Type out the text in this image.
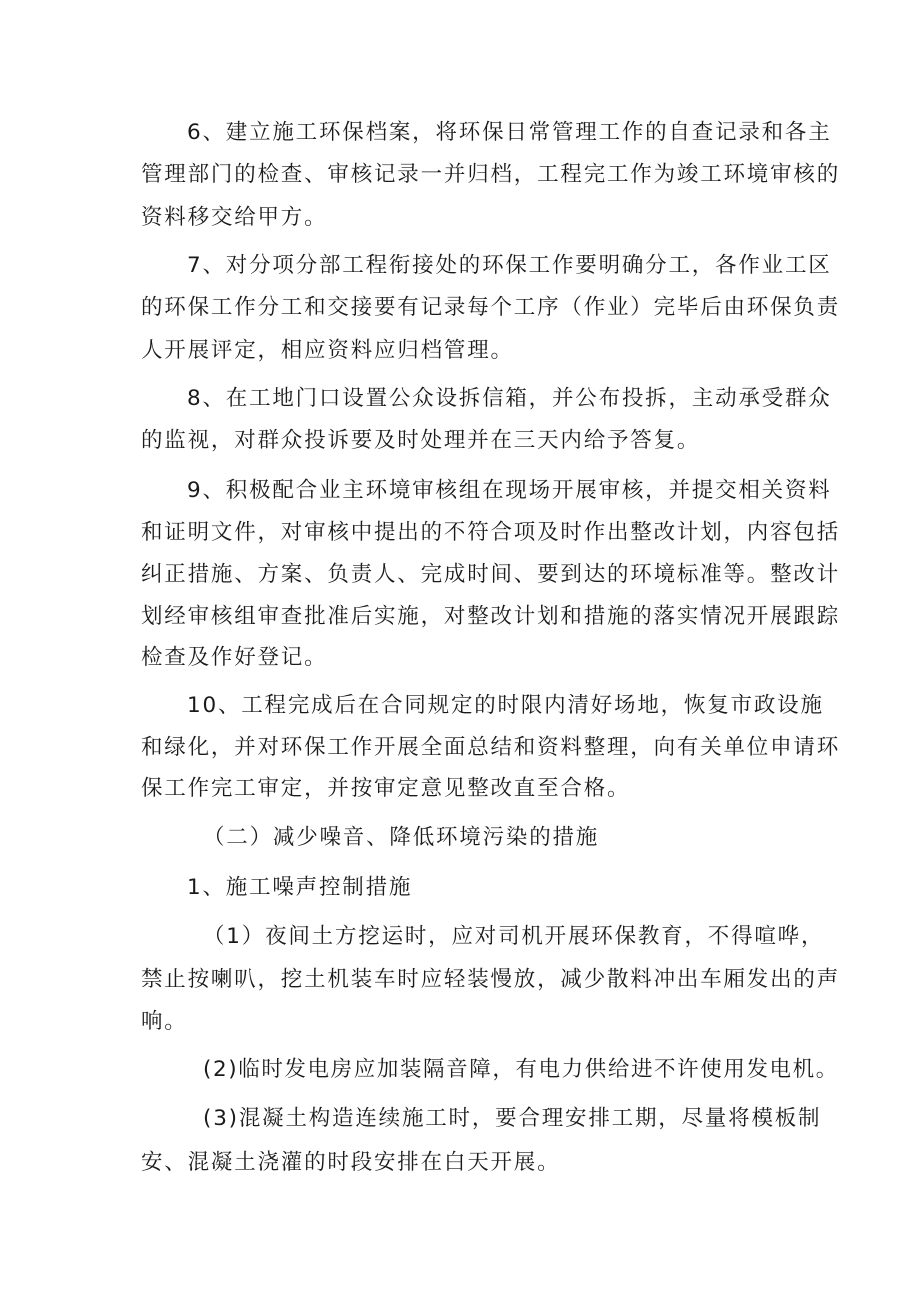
6、建立施工环保档案，将环保日常管理工作的自查记录和各主
管理部门的检查、审核记录一并归档，工程完工作为竣工环境审核的
资料移交给甲方。
7、对分项分部工程衔接处的环保工作要明确分工，各作业工区
的环保工作分工和交接要有记录每个工序（作业）完毕后由环保负责
人开展评定，相应资料应归档管理。
8、在工地门口设置公众设拆信箱，并公布投拆，主动承受群众
的监视，对群众投诉要及时处理并在三天内给予答复。
9、积极配合业主环境审核组在现场开展审核，并提交相关资料
和证明文件，对审核中提出的不符合项及时作出整改计划，内容包括
纠正措施、方案、负责人、完成时间、要到达的环境标准等。整改计
划经审核组审查批准后实施，对整改计划和措施的落实情况开展跟踪
检查及作好登记。
10、工程完成后在合同规定的时限内清好场地，恢复市政设施
和绿化，并对环保工作开展全面总结和资料整理，向有关单位申请环
保工作完工审定，并按审定意见整改直至合格。
（二）减少噪音、降低环境污染的措施
1、施工噪声控制措施
（1）夜间土方挖运时，应对司机开展环保教育，不得喧哗，
禁止按喇叭，挖土机装车时应轻装慢放，减少散料冲出车厢发出的声
响。
(2)临时发电房应加装隔音障，有电力供给进不许使用发电机。
(3)混凝土构造连续施工时，要合理安排工期，尽量将模板制
安、混凝土浇灌的时段安排在白天开展。
